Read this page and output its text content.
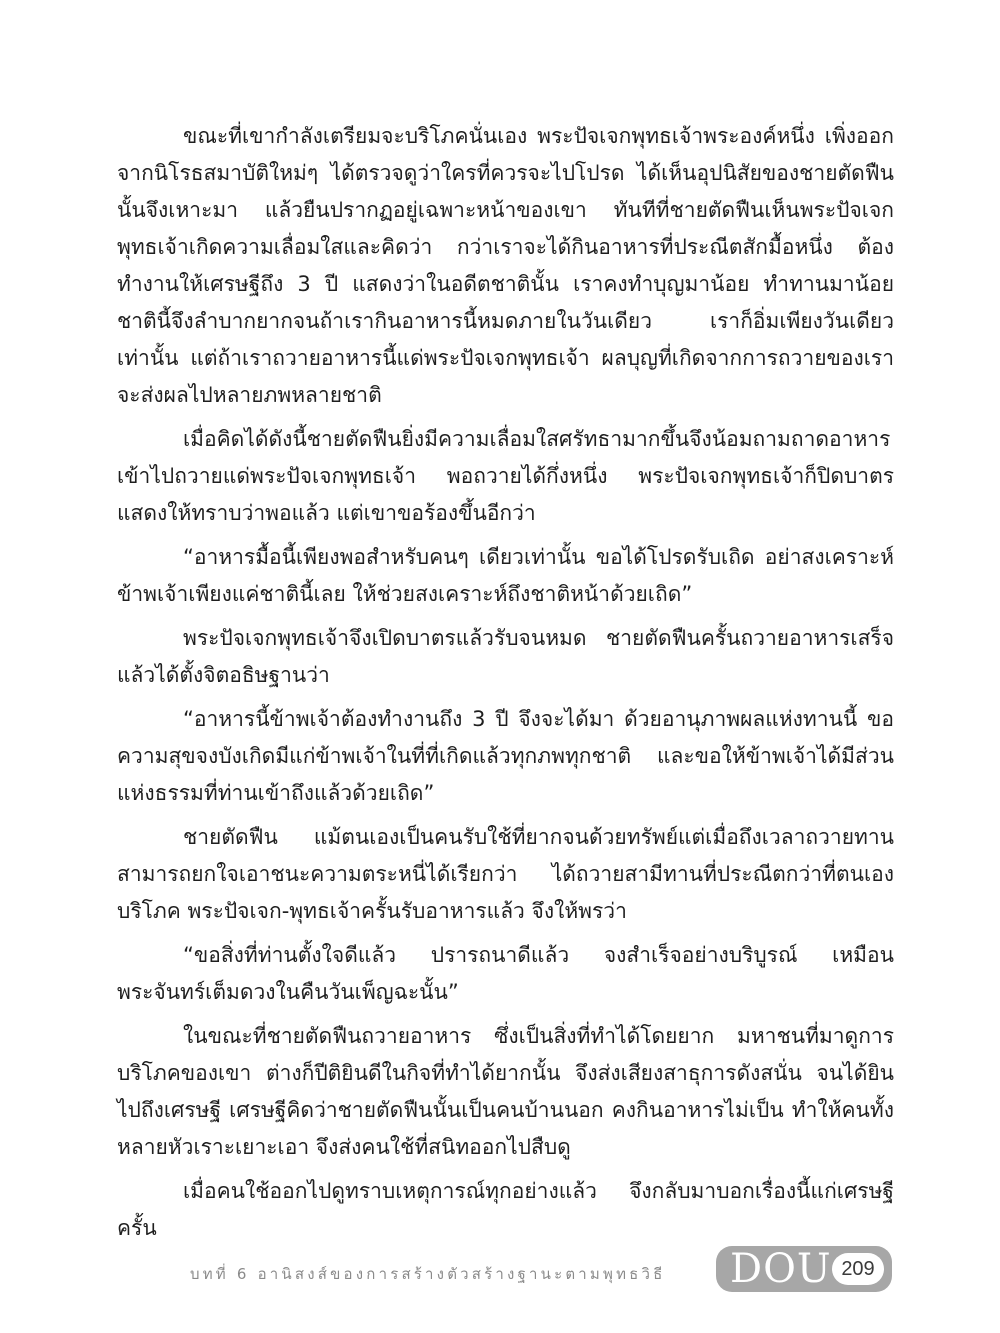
ขณะที่เขากำลังเตรียมจะบริโภคนั่นเอง พระปัจเจกพุทธเจ้าพระองค์หนึ่ง เพิ่งออกจากนิโรธสมาบัติใหม่ๆ ได้ตรวจดูว่าใครที่ควรจะไปโปรด ได้เห็นอุปนิสัยของชายตัดฟืนนั้นจึงเหาะมา แล้วยืนปรากฏอยู่เฉพาะหน้าของเขา ทันทีที่ชายตัดฟืนเห็นพระปัจเจกพุทธเจ้าเกิดความเลื่อมใสและคิดว่า กว่าเราจะได้กินอาหารที่ประณีตสักมื้อหนึ่ง ต้องทำงานให้เศรษฐีถึง 3 ปี แสดงว่าในอดีตชาตินั้น เราคงทำบุญมาน้อย ทำทานมาน้อย ชาตินี้จึงลำบากยากจนถ้าเรากินอาหารนี้หมดภายในวันเดียว เราก็อิ่มเพียงวันเดียวเท่านั้น แต่ถ้าเราถวายอาหารนี้แด่พระปัจเจกพุทธเจ้า ผลบุญที่เกิดจากการถวายของเรา จะส่งผลไปหลายภพหลายชาติ

เมื่อคิดได้ดังนี้ชายตัดฟืนยิ่งมีความเลื่อมใสศรัทธามากขึ้นจึงน้อมถามถาดอาหารเข้าไปถวายแด่พระปัจเจกพุทธเจ้า พอถวายได้กึ่งหนึ่ง พระปัจเจกพุทธเจ้าก็ปิดบาตร แสดงให้ทราบว่าพอแล้ว แต่เขาขอร้องขึ้นอีกว่า

“อาหารมื้อนี้เพียงพอสำหรับคนๆ เดียวเท่านั้น ขอได้โปรดรับเถิด อย่าสงเคราะห์ข้าพเจ้าเพียงแค่ชาตินี้เลย ให้ช่วยสงเคราะห์ถึงชาติหน้าด้วยเถิด”

พระปัจเจกพุทธเจ้าจึงเปิดบาตรแล้วรับจนหมด ชายตัดฟืนครั้นถวายอาหารเสร็จแล้วได้ตั้งจิตอธิษฐานว่า

“อาหารนี้ข้าพเจ้าต้องทำงานถึง 3 ปี จึงจะได้มา ด้วยอานุภาพผลแห่งทานนี้ ขอความสุขจงบังเกิดมีแก่ข้าพเจ้าในที่ที่เกิดแล้วทุกภพทุกชาติ และขอให้ข้าพเจ้าได้มีส่วนแห่งธรรมที่ท่านเข้าถึงแล้วด้วยเถิด”

ชายตัดฟืน แม้ตนเองเป็นคนรับใช้ที่ยากจนด้วยทรัพย์แต่เมื่อถึงเวลาถวายทาน สามารถยกใจเอาชนะความตระหนี่ได้เรียกว่า ได้ถวายสามีทานที่ประณีตกว่าที่ตนเองบริโภค พระปัจเจก-พุทธเจ้าครั้นรับอาหารแล้ว จึงให้พรว่า

“ขอสิ่งที่ท่านตั้งใจดีแล้ว ปรารถนาดีแล้ว จงสำเร็จอย่างบริบูรณ์ เหมือนพระจันทร์เต็มดวงในคืนวันเพ็ญฉะนั้น”

ในขณะที่ชายตัดฟืนถวายอาหาร ซึ่งเป็นสิ่งที่ทำได้โดยยาก มหาชนที่มาดูการบริโภคของเขา ต่างก็ปีติยินดีในกิจที่ทำได้ยากนั้น จึงส่งเสียงสาธุการดังสนั่น จนได้ยินไปถึงเศรษฐี เศรษฐีคิดว่าชายตัดฟืนนั้นเป็นคนบ้านนอก คงกินอาหารไม่เป็น ทำให้คนทั้งหลายหัวเราะเยาะเอา จึงส่งคนใช้ที่สนิทออกไปสืบดู

เมื่อคนใช้ออกไปดูทราบเหตุการณ์ทุกอย่างแล้ว จึงกลับมาบอกเรื่องนี้แก่เศรษฐี ครั้น

บทที่ 6 อานิสงส์ของการสร้างตัวสร้างฐานะตามพุทธวิธี DOU 209
